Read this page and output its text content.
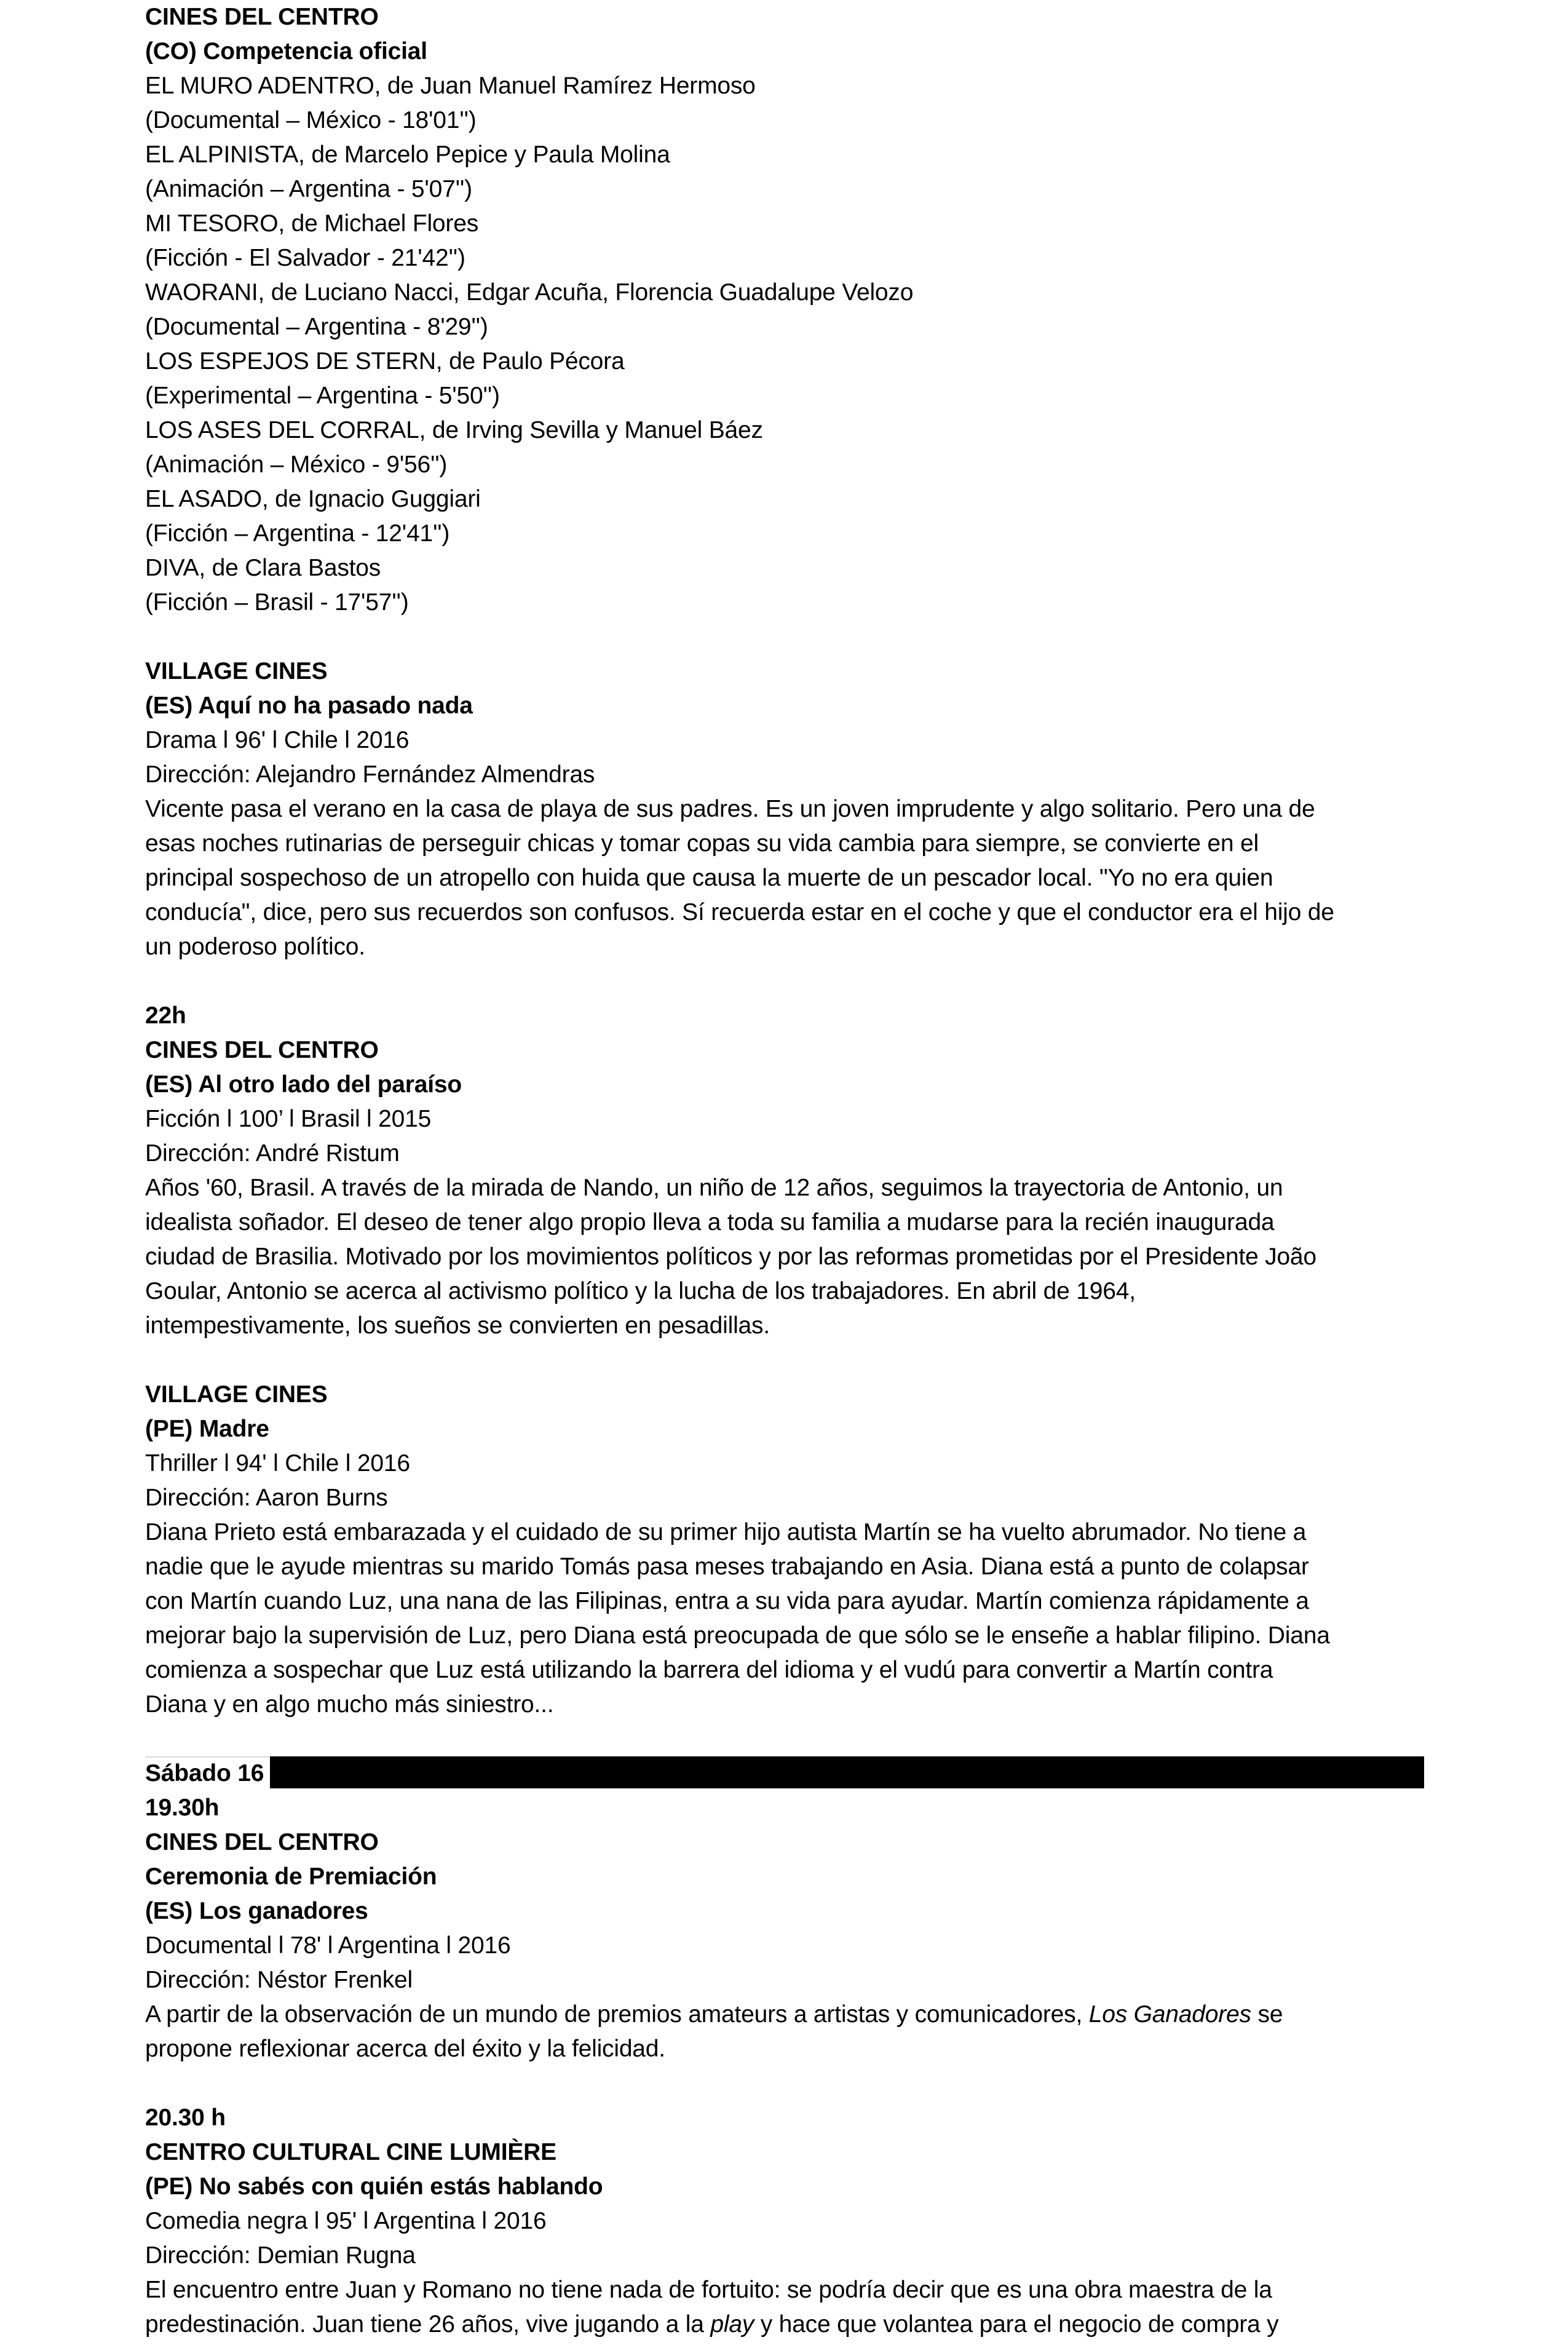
CINES DEL CENTRO
(CO) Competencia oficial
EL MURO ADENTRO, de Juan Manuel Ramírez Hermoso
(Documental – México - 18'01'')
EL ALPINISTA, de Marcelo Pepice y Paula Molina
(Animación – Argentina - 5'07'')
MI TESORO, de Michael Flores
(Ficción - El Salvador - 21'42'')
WAORANI, de Luciano Nacci, Edgar Acuña, Florencia Guadalupe Velozo
(Documental – Argentina - 8'29'')
LOS ESPEJOS DE STERN, de Paulo Pécora
(Experimental – Argentina - 5'50'')
LOS ASES DEL CORRAL, de Irving Sevilla y Manuel Báez
(Animación – México - 9'56'')
EL ASADO, de Ignacio Guggiari
(Ficción – Argentina - 12'41'')
DIVA, de Clara Bastos
(Ficción – Brasil - 17'57'')
VILLAGE CINES
(ES) Aquí no ha pasado nada
Drama l 96' l Chile l 2016
Dirección: Alejandro Fernández Almendras
Vicente pasa el verano en la casa de playa de sus padres. Es un joven imprudente y algo solitario. Pero una de
esas noches rutinarias de perseguir chicas y tomar copas su vida cambia para siempre, se convierte en el
principal sospechoso de un atropello con huida que causa la muerte de un pescador local. "Yo no era quien
conducía", dice, pero sus recuerdos son confusos. Sí recuerda estar en el coche y que el conductor era el hijo de
un poderoso político.
22h
CINES DEL CENTRO
(ES) Al otro lado del paraíso
Ficción l 100’ l Brasil l 2015
Dirección: André Ristum
Años '60, Brasil. A través de la mirada de Nando, un niño de 12 años, seguimos la trayectoria de Antonio, un
idealista soñador. El deseo de tener algo propio lleva a toda su familia a mudarse para la recién inaugurada
ciudad de Brasilia. Motivado por los movimientos políticos y por las reformas prometidas por el Presidente João
Goular, Antonio se acerca al activismo político y la lucha de los trabajadores. En abril de 1964,
intempestivamente, los sueños se convierten en pesadillas.
VILLAGE CINES
(PE) Madre
Thriller l 94' l Chile l 2016
Dirección: Aaron Burns
Diana Prieto está embarazada y el cuidado de su primer hijo autista Martín se ha vuelto abrumador. No tiene a
nadie que le ayude mientras su marido Tomás pasa meses trabajando en Asia. Diana está a punto de colapsar
con Martín cuando Luz, una nana de las Filipinas, entra a su vida para ayudar. Martín comienza rápidamente a
mejorar bajo la supervisión de Luz, pero Diana está preocupada de que sólo se le enseñe a hablar filipino. Diana
comienza a sospechar que Luz está utilizando la barrera del idioma y el vudú para convertir a Martín contra
Diana y en algo mucho más siniestro...
Sábado 16
19.30h
CINES DEL CENTRO
Ceremonia de Premiación
(ES) Los ganadores
Documental l 78' l Argentina l 2016
Dirección: Néstor Frenkel
A partir de la observación de un mundo de premios amateurs a artistas y comunicadores, Los Ganadores se
propone reflexionar acerca del éxito y la felicidad.
20.30 h
CENTRO CULTURAL CINE LUMIÈRE
(PE) No sabés con quién estás hablando
Comedia negra l 95' l Argentina l 2016
Dirección: Demian Rugna
El encuentro entre Juan y Romano no tiene nada de fortuito: se podría decir que es una obra maestra de la
predestinación. Juan tiene 26 años, vive jugando a la play y hace que volantea para el negocio de compra y
